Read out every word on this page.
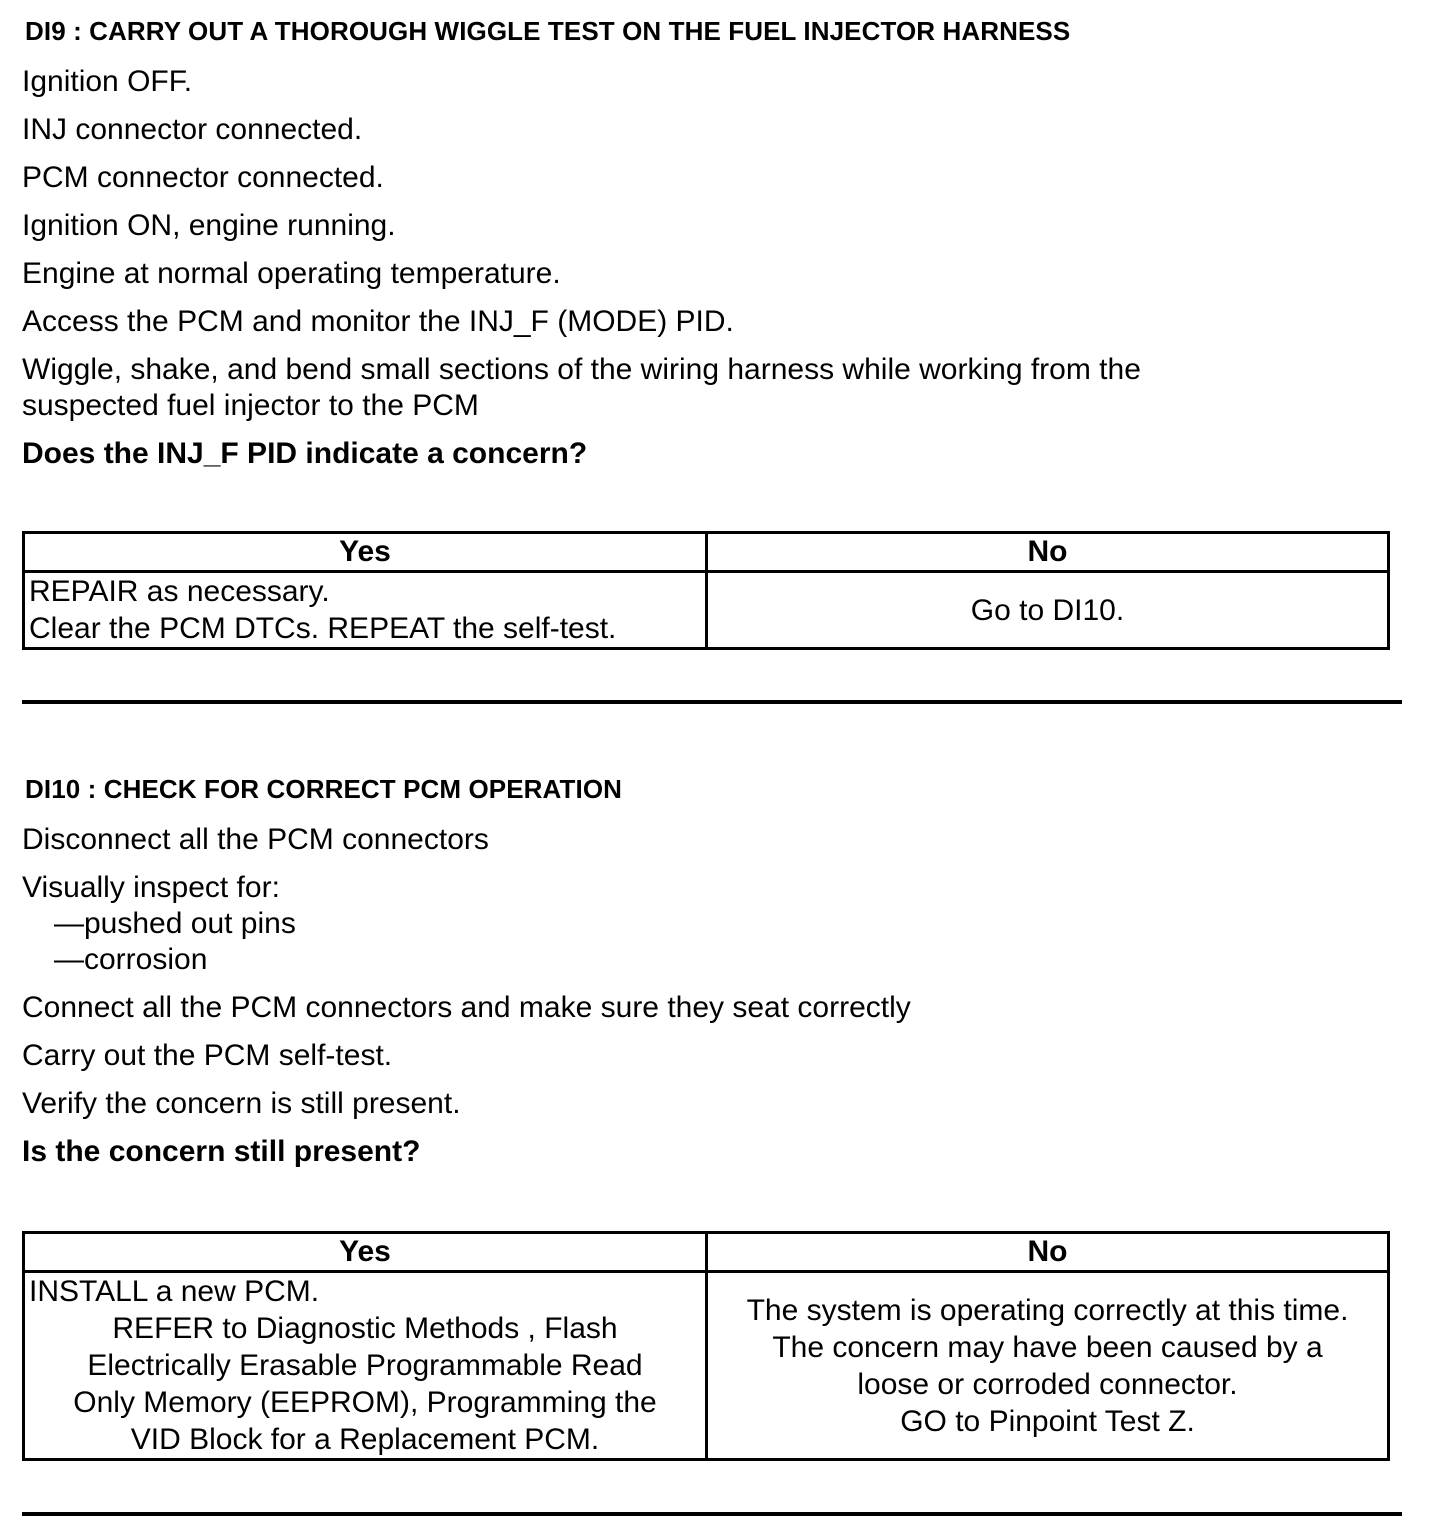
DI9 : CARRY OUT A THOROUGH WIGGLE TEST ON THE FUEL INJECTOR HARNESS
Ignition OFF.
INJ connector connected.
PCM connector connected.
Ignition ON, engine running.
Engine at normal operating temperature.
Access the PCM and monitor the INJ_F (MODE) PID.
Wiggle, shake, and bend small sections of the wiring harness while working from the
suspected fuel injector to the PCM
Does the INJ_F PID indicate a concern?
Yes	No

REPAIR as necessary.
Clear the PCM DTCs. REPEAT the self-test.	Go to DI10.
DI10 : CHECK FOR CORRECT PCM OPERATION
Disconnect all the PCM connectors
Visually inspect for:
—pushed out pins
—corrosion
Connect all the PCM connectors and make sure they seat correctly
Carry out the PCM self-test.
Verify the concern is still present.
Is the concern still present?
Yes	No

INSTALL a new PCM.
REFER to Diagnostic Methods , Flash
Electrically Erasable Programmable Read
Only Memory (EEPROM), Programming the
VID Block for a Replacement PCM.	The system is operating correctly at this time.
The concern may have been caused by a
loose or corroded connector.
GO to Pinpoint Test Z.
